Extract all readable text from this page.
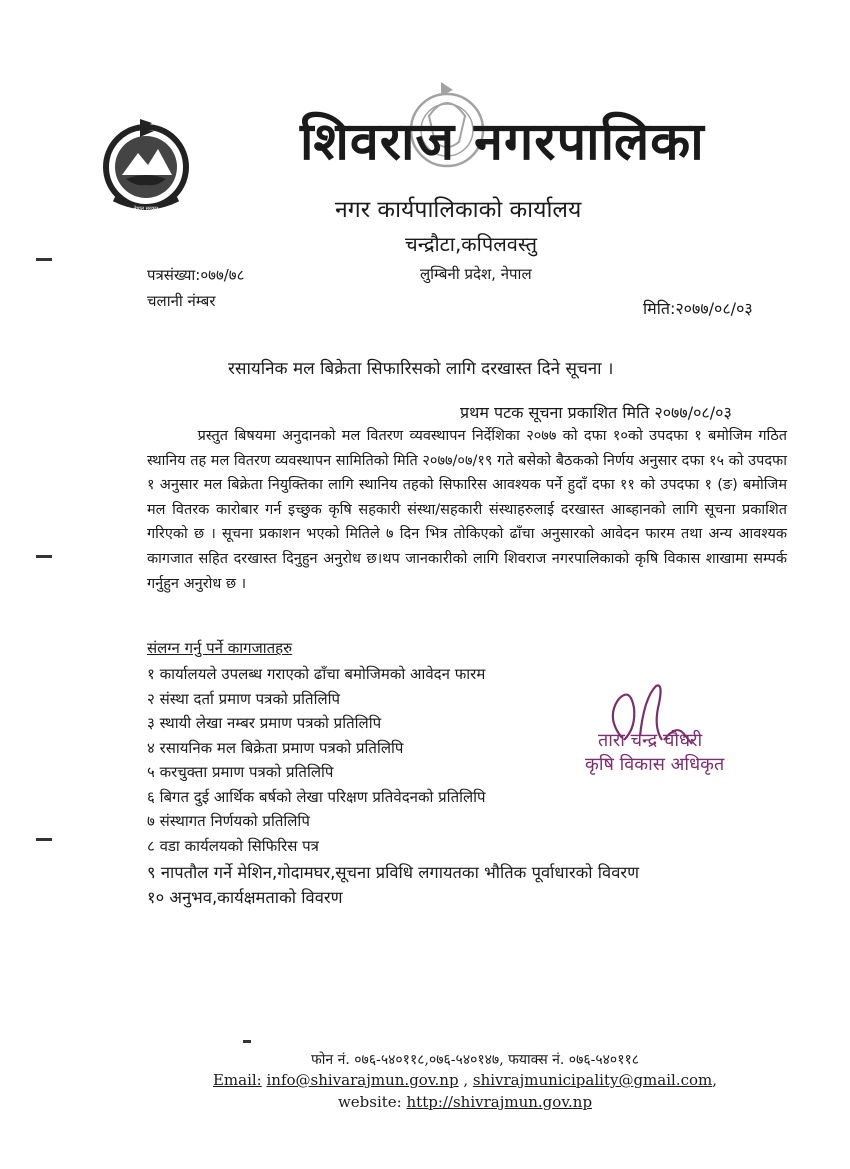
नेपाल सरकार
शिवराज नगरपालिका
नगर कार्यपालिकाको कार्यालय
चन्द्रौटा,कपिलवस्तु
लुम्बिनी प्रदेश, नेपाल
पत्रसंख्या:०७७/७८
चलानी नंम्बर	मिति:२०७७/०८/०३
रसायनिक मल बिक्रेता सिफारिसको लागि दरखास्त दिने सूचना ।
प्रथम पटक सूचना प्रकाशित मिति २०७७/०८/०३

प्रस्तुत बिषयमा अनुदानको मल वितरण व्यवस्थापन निर्देशिका २०७७ को दफा १०को उपदफा १ बमोजिम गठित स्थानिय तह मल वितरण व्यवस्थापन सामितिको मिति २०७७/०७/१९ गते बसेको बैठकको निर्णय अनुसार दफा १५ को उपदफा १ अनुसार मल बिक्रेता नियुक्तिका लागि स्थानिय तहको सिफारिस आवश्यक पर्ने हुदाँ दफा ११ को उपदफा १ (ङ) बमोजिम मल वितरक कारोबार गर्न इच्छुक कृषि सहकारी संस्था/सहकारी संस्थाहरुलाई दरखास्त आब्हानको लागि सूचना प्रकाशित गरिएको छ । सूचना प्रकाशन भएको मितिले ७ दिन भित्र तोकिएको ढाँचा अनुसारको आवेदन फारम तथा अन्य आवश्यक कागजात सहित दरखास्त दिनुहुन अनुरोध छ।थप जानकारीको लागि शिवराज नगरपालिकाको कृषि विकास शाखामा सम्पर्क गर्नुहुन अनुरोध छ ।

संलग्न गर्नु पर्ने कागजातहरु
१ कार्यालयले उपलब्ध गराएको ढाँचा बमोजिमको आवेदन फारम
२ संस्था दर्ता प्रमाण पत्रको प्रतिलिपि
३ स्थायी लेखा नम्बर प्रमाण पत्रको प्रतिलिपि
४ रसायनिक मल बिक्रेता प्रमाण पत्रको प्रतिलिपि
५ करचुक्ता प्रमाण पत्रको प्रतिलिपि
६ बिगत दुई आर्थिक बर्षको लेखा परिक्षण प्रतिवेदनको प्रतिलिपि
७ संस्थागत निर्णयको प्रतिलिपि
८ वडा कार्यलयको सिफिरिस पत्र
९ नापतौल गर्ने मेशिन,गोदामघर,सूचना प्रविधि लगायतका भौतिक पूर्वाधारको विवरण
१० अनुभव,कार्यक्षमताको विवरण
तारा चन्द्र चौधरी
कृषि विकास अधिकृत
फोन नं. ०७६-५४०११८,०७६-५४०१४७, फयाक्स नं. ०७६-५४०११८
Email: info@shivarajmun.gov.np , shivrajmunicipality@gmail.com,
website: http://shivrajmun.gov.np
